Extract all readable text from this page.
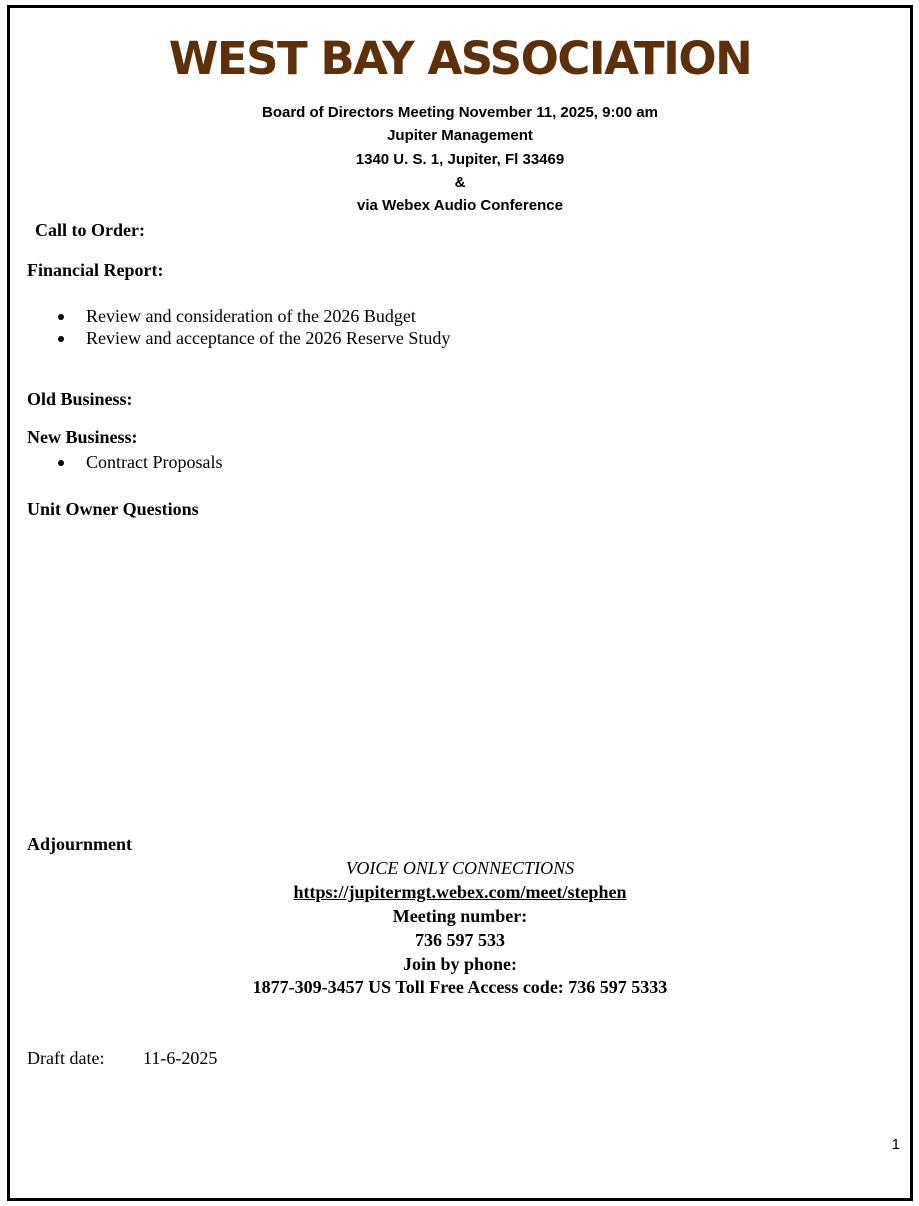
WEST BAY ASSOCIATION
Board of Directors Meeting November 11, 2025, 9:00 am
Jupiter Management
1340 U. S. 1, Jupiter, Fl 33469
&
via Webex Audio Conference
Call to Order:
Financial Report:
Review and consideration of the 2026 Budget
Review and acceptance of the 2026 Reserve Study
Old Business:
New Business:
Contract Proposals
Unit Owner Questions
Adjournment
VOICE ONLY CONNECTIONS
https://jupitermgt.webex.com/meet/stephen
Meeting number:
736 597 533
Join by phone:
1877-309-3457 US Toll Free Access code: 736 597 5333
Draft date: 11-6-2025
1
